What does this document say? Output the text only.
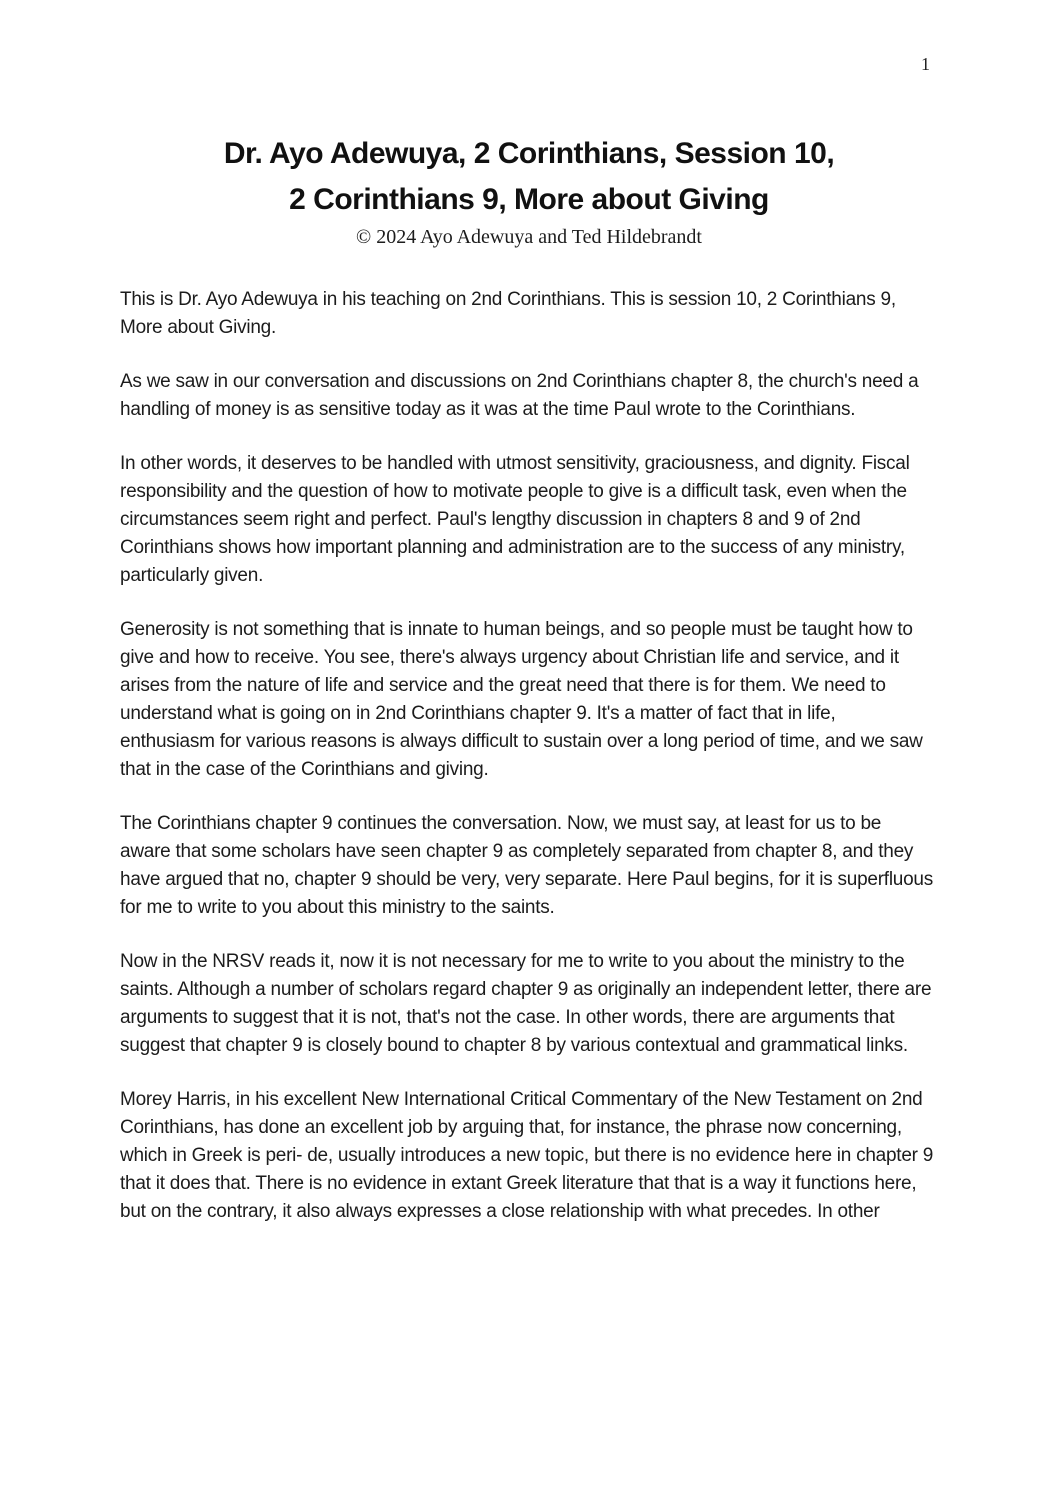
1
Dr. Ayo Adewuya, 2 Corinthians, Session 10,
2 Corinthians 9, More about Giving
© 2024 Ayo Adewuya and Ted Hildebrandt

This is Dr. Ayo Adewuya in his teaching on 2nd Corinthians. This is session 10, 2 Corinthians 9, More about Giving.

As we saw in our conversation and discussions on 2nd Corinthians chapter 8, the church's need a handling of money is as sensitive today as it was at the time Paul wrote to the Corinthians.

In other words, it deserves to be handled with utmost sensitivity, graciousness, and dignity. Fiscal responsibility and the question of how to motivate people to give is a difficult task, even when the circumstances seem right and perfect. Paul's lengthy discussion in chapters 8 and 9 of 2nd Corinthians shows how important planning and administration are to the success of any ministry, particularly given.

Generosity is not something that is innate to human beings, and so people must be taught how to give and how to receive. You see, there's always urgency about Christian life and service, and it arises from the nature of life and service and the great need that there is for them. We need to understand what is going on in 2nd Corinthians chapter 9. It's a matter of fact that in life, enthusiasm for various reasons is always difficult to sustain over a long period of time, and we saw that in the case of the Corinthians and giving.

The Corinthians chapter 9 continues the conversation. Now, we must say, at least for us to be aware that some scholars have seen chapter 9 as completely separated from chapter 8, and they have argued that no, chapter 9 should be very, very separate. Here Paul begins, for it is superfluous for me to write to you about this ministry to the saints.

Now in the NRSV reads it, now it is not necessary for me to write to you about the ministry to the saints. Although a number of scholars regard chapter 9 as originally an independent letter, there are arguments to suggest that it is not, that's not the case. In other words, there are arguments that suggest that chapter 9 is closely bound to chapter 8 by various contextual and grammatical links.

Morey Harris, in his excellent New International Critical Commentary of the New Testament on 2nd Corinthians, has done an excellent job by arguing that, for instance, the phrase now concerning, which in Greek is peri- de, usually introduces a new topic, but there is no evidence here in chapter 9 that it does that. There is no evidence in extant Greek literature that that is a way it functions here, but on the contrary, it also always expresses a close relationship with what precedes. In other
